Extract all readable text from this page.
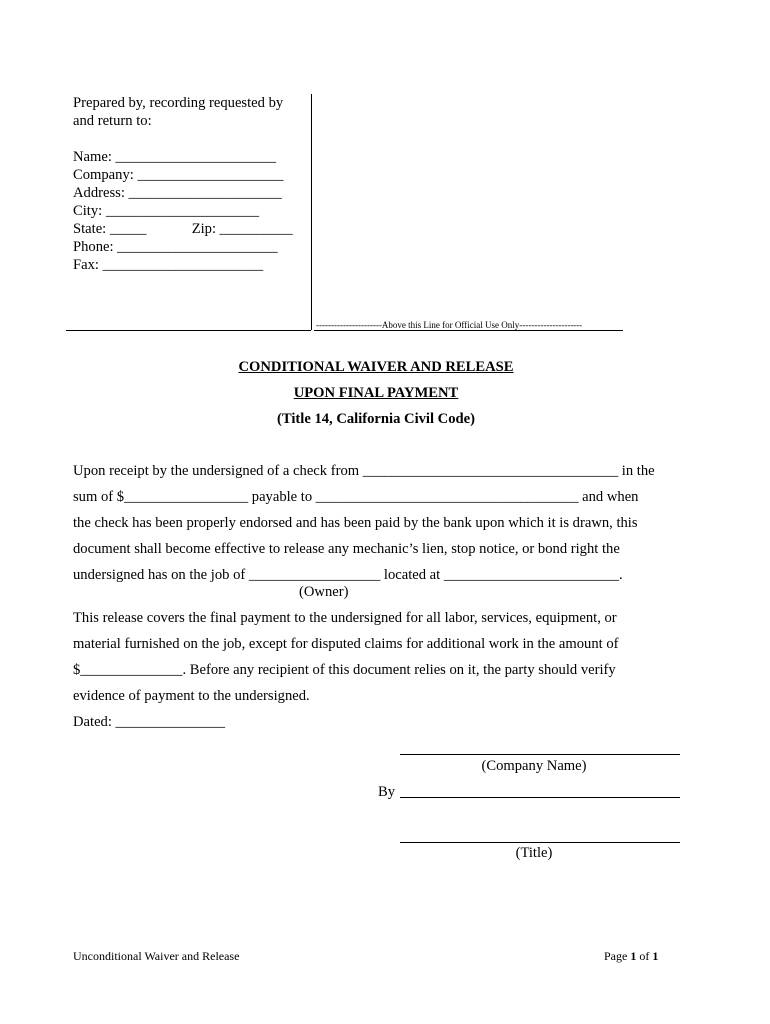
Prepared by, recording requested by
and return to:
Name: ______________________
Company: ____________________
Address: _____________________
City: _____________________
State: _____	Zip: __________
Phone: ______________________
Fax: ______________________
----------------------Above this Line for Official Use Only---------------------
CONDITIONAL WAIVER AND RELEASE
UPON FINAL PAYMENT
(Title 14, California Civil Code)
Upon receipt by the undersigned of a check from ___________________________________ in the
sum of $_________________ payable to ____________________________________ and when
the check has been properly endorsed and has been paid by the bank upon which it is drawn, this
document shall become effective to release any mechanic’s lien, stop notice, or bond right the
undersigned has on the job of __________________ located at ________________________.
(Owner)
This release covers the final payment to the undersigned for all labor, services, equipment, or
material furnished on the job, except for disputed claims for additional work in the amount of
$______________. Before any recipient of this document relies on it, the party should verify
evidence of payment to the undersigned.
Dated: _______________
(Company Name)
By
(Title)
Unconditional Waiver and Release	Page 1 of 1
